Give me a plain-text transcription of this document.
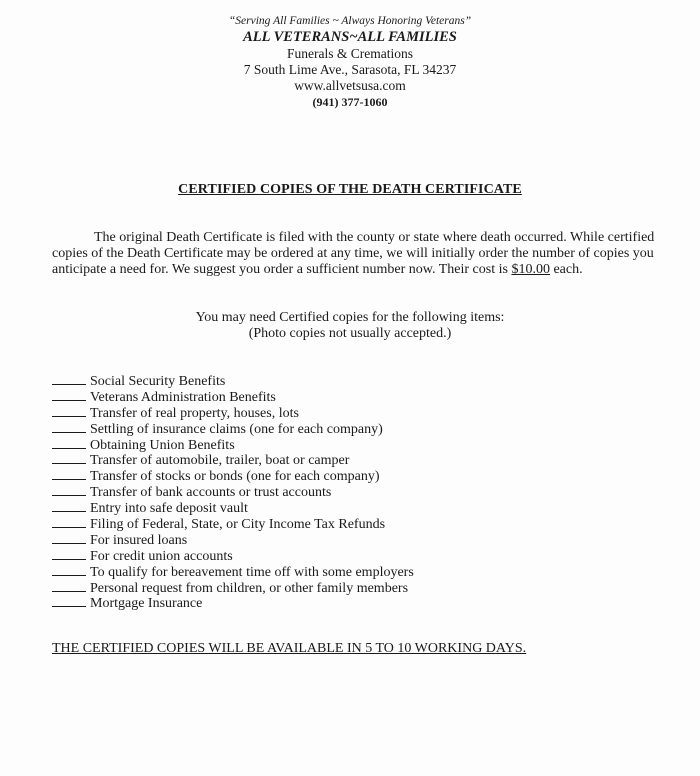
“Serving All Families ~ Always Honoring Veterans”
ALL VETERANS~ALL FAMILIES
Funerals & Cremations
7 South Lime Ave., Sarasota, FL 34237
www.allvetsusa.com
(941) 377-1060
CERTIFIED COPIES OF THE DEATH CERTIFICATE
The original Death Certificate is filed with the county or state where death occurred. While certified copies of the Death Certificate may be ordered at any time, we will initially order the number of copies you anticipate a need for. We suggest you order a sufficient number now. Their cost is $10.00 each.
You may need Certified copies for the following items:
(Photo copies not usually accepted.)
Social Security Benefits
Veterans Administration Benefits
Transfer of real property, houses, lots
Settling of insurance claims (one for each company)
Obtaining Union Benefits
Transfer of automobile, trailer, boat or camper
Transfer of stocks or bonds (one for each company)
Transfer of bank accounts or trust accounts
Entry into safe deposit vault
Filing of Federal, State, or City Income Tax Refunds
For insured loans
For credit union accounts
To qualify for bereavement time off with some employers
Personal request from children, or other family members
Mortgage Insurance
THE CERTIFIED COPIES WILL BE AVAILABLE IN 5 TO 10 WORKING DAYS.
